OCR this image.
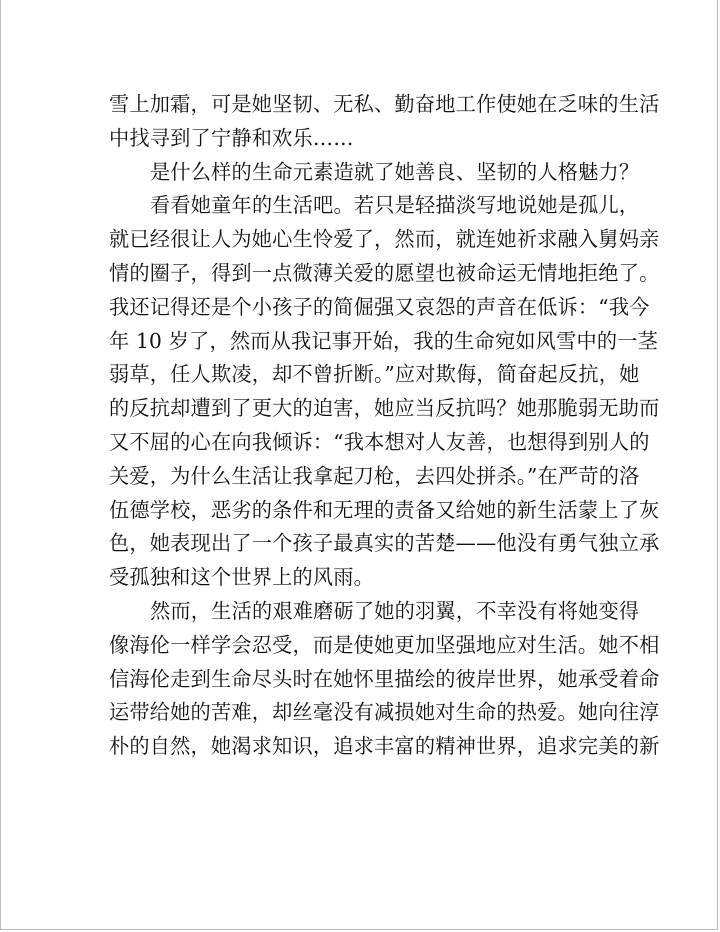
雪上加霜，可是她坚韧、无私、勤奋地工作使她在乏味的生活
中找寻到了宁静和欢乐……
是什么样的生命元素造就了她善良、坚韧的人格魅力？
看看她童年的生活吧。若只是轻描淡写地说她是孤儿，
就已经很让人为她心生怜爱了，然而，就连她祈求融入舅妈亲
情的圈子，得到一点微薄关爱的愿望也被命运无情地拒绝了。
我还记得还是个小孩子的简倔强又哀怨的声音在低诉：“我今
年 10 岁了，然而从我记事开始，我的生命宛如风雪中的一茎
弱草，任人欺凌，却不曾折断。”应对欺侮，简奋起反抗，她
的反抗却遭到了更大的迫害，她应当反抗吗？她那脆弱无助而
又不屈的心在向我倾诉：“我本想对人友善，也想得到别人的
关爱，为什么生活让我拿起刀枪，去四处拼杀。”在严苛的洛
伍德学校，恶劣的条件和无理的责备又给她的新生活蒙上了灰
色，她表现出了一个孩子最真实的苦楚——他没有勇气独立承
受孤独和这个世界上的风雨。
然而，生活的艰难磨砺了她的羽翼，不幸没有将她变得
像海伦一样学会忍受，而是使她更加坚强地应对生活。她不相
信海伦走到生命尽头时在她怀里描绘的彼岸世界，她承受着命
运带给她的苦难，却丝毫没有减损她对生命的热爱。她向往淳
朴的自然，她渴求知识，追求丰富的精神世界，追求完美的新
